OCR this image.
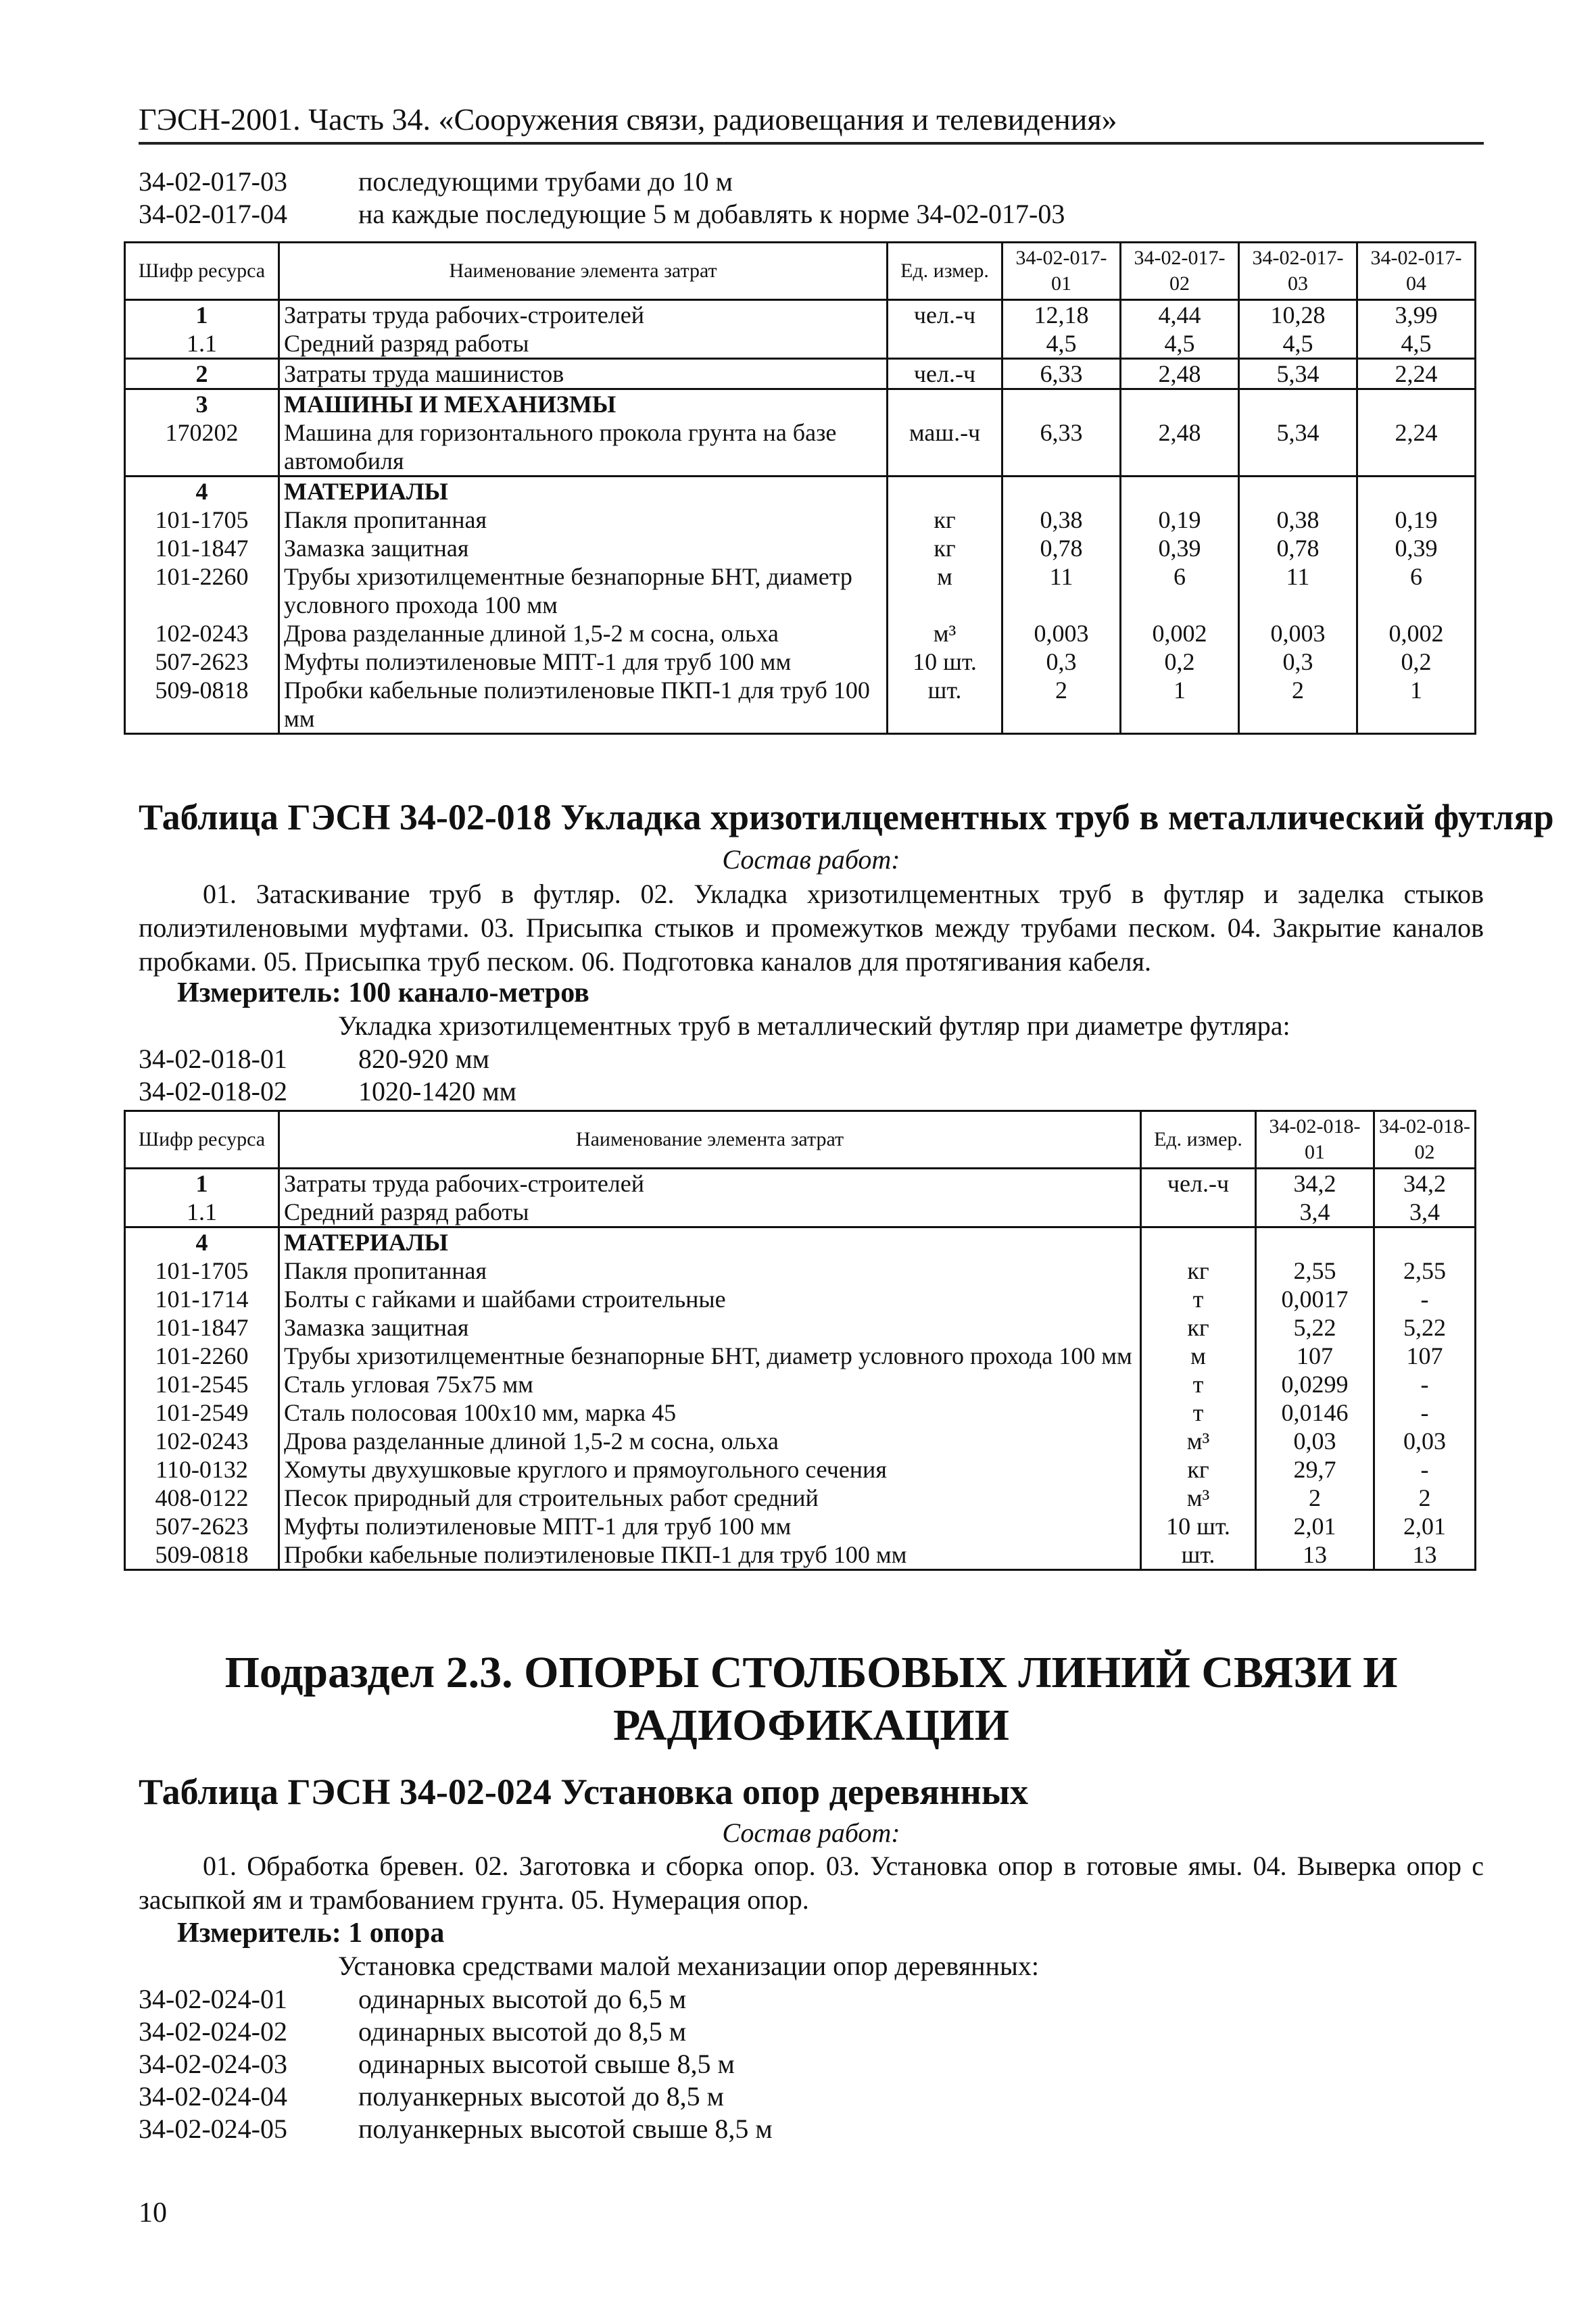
ГЭСН-2001. Часть 34. «Сооружения связи, радиовещания и телевидения»
34-02-017-03	последующими трубами до 10 м
34-02-017-04	на каждые последующие 5 м добавлять к норме 34-02-017-03
Шифр ресурса	Наименование элемента затрат	Ед. измер.	34-02-017-01	34-02-017-02	34-02-017-03	34-02-017-04
1	Затраты труда рабочих-строителей	чел.-ч	12,18	4,44	10,28	3,99
1.1	Средний разряд работы		4,5	4,5	4,5	4,5
2	Затраты труда машинистов	чел.-ч	6,33	2,48	5,34	2,24
3	МАШИНЫ И МЕХАНИЗМЫ					
170202	Машина для горизонтального прокола грунта на базе автомобиля	маш.-ч	6,33	2,48	5,34	2,24
4	МАТЕРИАЛЫ					
101-1705	Пакля пропитанная	кг	0,38	0,19	0,38	0,19
101-1847	Замазка защитная	кг	0,78	0,39	0,78	0,39
101-2260	Трубы хризотилцементные безнапорные БНТ, диаметр условного прохода 100 мм	м	11	6	11	6
102-0243	Дрова разделанные длиной 1,5-2 м сосна, ольха	м³	0,003	0,002	0,003	0,002
507-2623	Муфты полиэтиленовые МПТ-1 для труб 100 мм	10 шт.	0,3	0,2	0,3	0,2
509-0818	Пробки кабельные полиэтиленовые ПКП-1 для труб 100 мм	шт.	2	1	2	1
Таблица ГЭСН 34-02-018 Укладка хризотилцементных труб в металлический футляр
Состав работ:
01. Затаскивание труб в футляр. 02. Укладка хризотилцементных труб в футляр и заделка стыков полиэтиленовыми муфтами. 03. Присыпка стыков и промежутков между трубами песком. 04. Закрытие каналов пробками. 05. Присыпка труб песком. 06. Подготовка каналов для протягивания кабеля.
Измеритель: 100 канало-метров
Укладка хризотилцементных труб в металлический футляр при диаметре футляра:
34-02-018-01	820-920 мм
34-02-018-02	1020-1420 мм
Шифр ресурса	Наименование элемента затрат	Ед. измер.	34-02-018-01	34-02-018-02
1	Затраты труда рабочих-строителей	чел.-ч	34,2	34,2
1.1	Средний разряд работы		3,4	3,4
4	МАТЕРИАЛЫ			
101-1705	Пакля пропитанная	кг	2,55	2,55
101-1714	Болты с гайками и шайбами строительные	т	0,0017	-
101-1847	Замазка защитная	кг	5,22	5,22
101-2260	Трубы хризотилцементные безнапорные БНТ, диаметр условного прохода 100 мм	м	107	107
101-2545	Сталь угловая 75х75 мм	т	0,0299	-
101-2549	Сталь полосовая 100х10 мм, марка 45	т	0,0146	-
102-0243	Дрова разделанные длиной 1,5-2 м сосна, ольха	м³	0,03	0,03
110-0132	Хомуты двухушковые круглого и прямоугольного сечения	кг	29,7	-
408-0122	Песок природный для строительных работ средний	м³	2	2
507-2623	Муфты полиэтиленовые МПТ-1 для труб 100 мм	10 шт.	2,01	2,01
509-0818	Пробки кабельные полиэтиленовые ПКП-1 для труб 100 мм	шт.	13	13
Подраздел 2.3. ОПОРЫ СТОЛБОВЫХ ЛИНИЙ СВЯЗИ И
РАДИОФИКАЦИИ
Таблица ГЭСН 34-02-024 Установка опор деревянных
Состав работ:
01. Обработка бревен. 02. Заготовка и сборка опор. 03. Установка опор в готовые ямы. 04. Выверка опор с засыпкой ям и трамбованием грунта. 05. Нумерация опор.
Измеритель: 1 опора
Установка средствами малой механизации опор деревянных:
34-02-024-01	одинарных высотой до 6,5 м
34-02-024-02	одинарных высотой до 8,5 м
34-02-024-03	одинарных высотой свыше 8,5 м
34-02-024-04	полуанкерных высотой до 8,5 м
34-02-024-05	полуанкерных высотой свыше 8,5 м
10
